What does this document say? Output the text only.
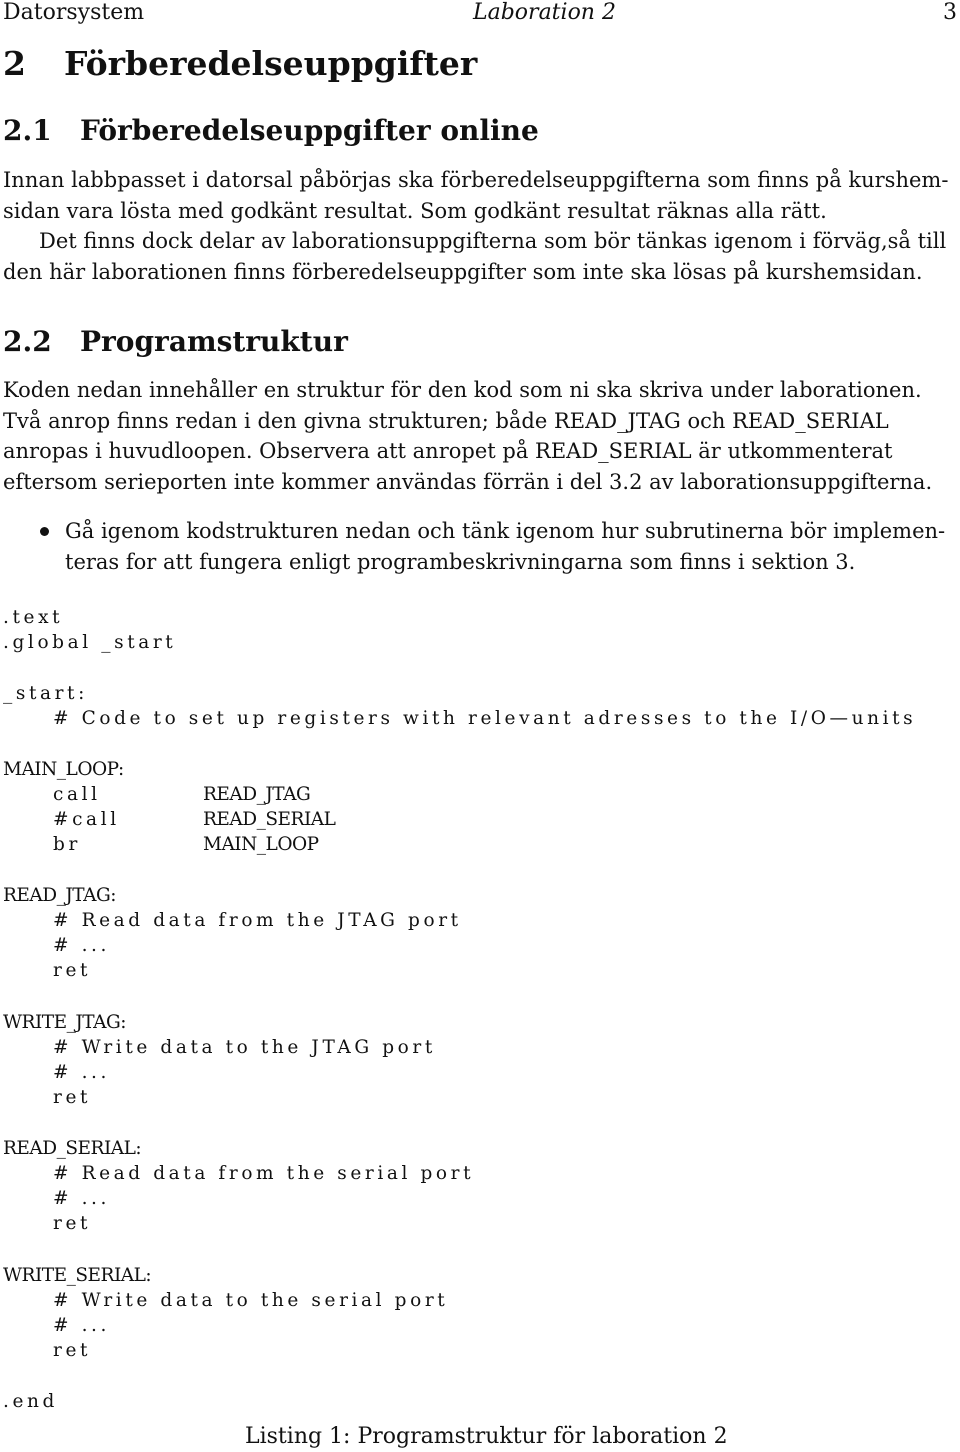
Datorsystem	Laboration 2	3
2 Förberedelseuppgifter
2.1 Förberedelseuppgifter online
Innan labbpasset i datorsal påbörjas ska förberedelseuppgifterna som finns på kurshem-
sidan vara lösta med godkänt resultat. Som godkänt resultat räknas alla rätt.
Det finns dock delar av laborationsuppgifterna som bör tänkas igenom i förväg,så till
den här laborationen finns förberedelseuppgifter som inte ska lösas på kurshemsidan.
2.2 Programstruktur
Koden nedan innehåller en struktur för den kod som ni ska skriva under laborationen.
Två anrop finns redan i den givna strukturen; både READ_JTAG och READ_SERIAL
anropas i huvudloopen. Observera att anropet på READ_SERIAL är utkommenterat
eftersom serieporten inte kommer användas förrän i del 3.2 av laborationsuppgifterna.
Gå igenom kodstrukturen nedan och tänk igenom hur subrutinerna bör implemen-
teras for att fungera enligt programbeskrivningarna som finns i sektion 3.
.text
.global _start
_start:
# Code to set up registers with relevant adresses to the I/O—units
MAIN_LOOP:
call	READ_JTAG
#call	READ_SERIAL
br	MAIN_LOOP
READ_JTAG:
# Read data from the JTAG port
# ...
ret
WRITE_JTAG:
# Write data to the JTAG port
# ...
ret
READ_SERIAL:
# Read data from the serial port
# ...
ret
WRITE_SERIAL:
# Write data to the serial port
# ...
ret
.end
Listing 1: Programstruktur för laboration 2
